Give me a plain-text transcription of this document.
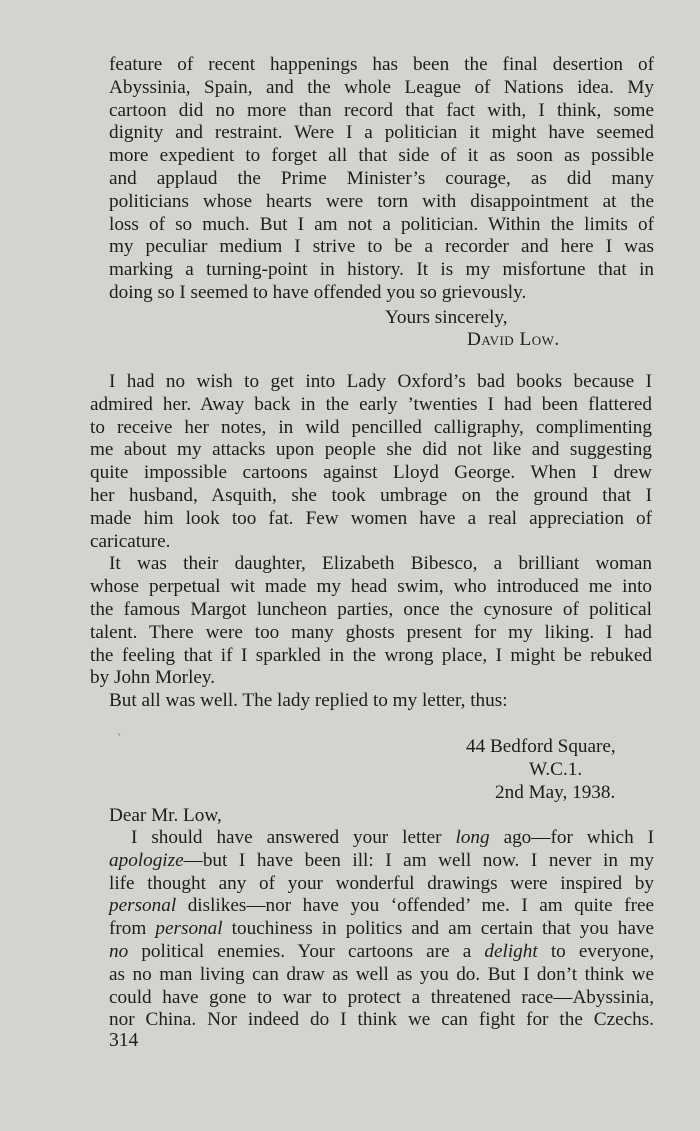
feature of recent happenings has been the final desertion of
Abyssinia, Spain, and the whole League of Nations idea. My
cartoon did no more than record that fact with, I think, some
dignity and restraint. Were I a politician it might have seemed
more expedient to forget all that side of it as soon as possible
and applaud the Prime Minister’s courage, as did many
politicians whose hearts were torn with disappointment at the
loss of so much. But I am not a politician. Within the limits of
my peculiar medium I strive to be a recorder and here I was
marking a turning-point in history. It is my misfortune that in
doing so I seemed to have offended you so grievously.
Yours sincerely,
David Low.
I had no wish to get into Lady Oxford’s bad books because I
admired her. Away back in the early ’twenties I had been flattered
to receive her notes, in wild pencilled calligraphy, complimenting
me about my attacks upon people she did not like and suggesting
quite impossible cartoons against Lloyd George. When I drew
her husband, Asquith, she took umbrage on the ground that I
made him look too fat. Few women have a real appreciation of
caricature.
It was their daughter, Elizabeth Bibesco, a brilliant woman
whose perpetual wit made my head swim, who introduced me into
the famous Margot luncheon parties, once the cynosure of political
talent. There were too many ghosts present for my liking. I had
the feeling that if I sparkled in the wrong place, I might be rebuked
by John Morley.
But all was well. The lady replied to my letter, thus:
`	44 Bedford Square,
W.C.1.
2nd May, 1938.
Dear Mr. Low,
I should have answered your letter long ago—for which I
apologize—but I have been ill: I am well now. I never in my
life thought any of your wonderful drawings were inspired by
personal dislikes—nor have you ‘offended’ me. I am quite free
from personal touchiness in politics and am certain that you have
no political enemies. Your cartoons are a delight to everyone,
as no man living can draw as well as you do. But I don’t think we
could have gone to war to protect a threatened race—Abyssinia,
nor China. Nor indeed do I think we can fight for the Czechs.
314
